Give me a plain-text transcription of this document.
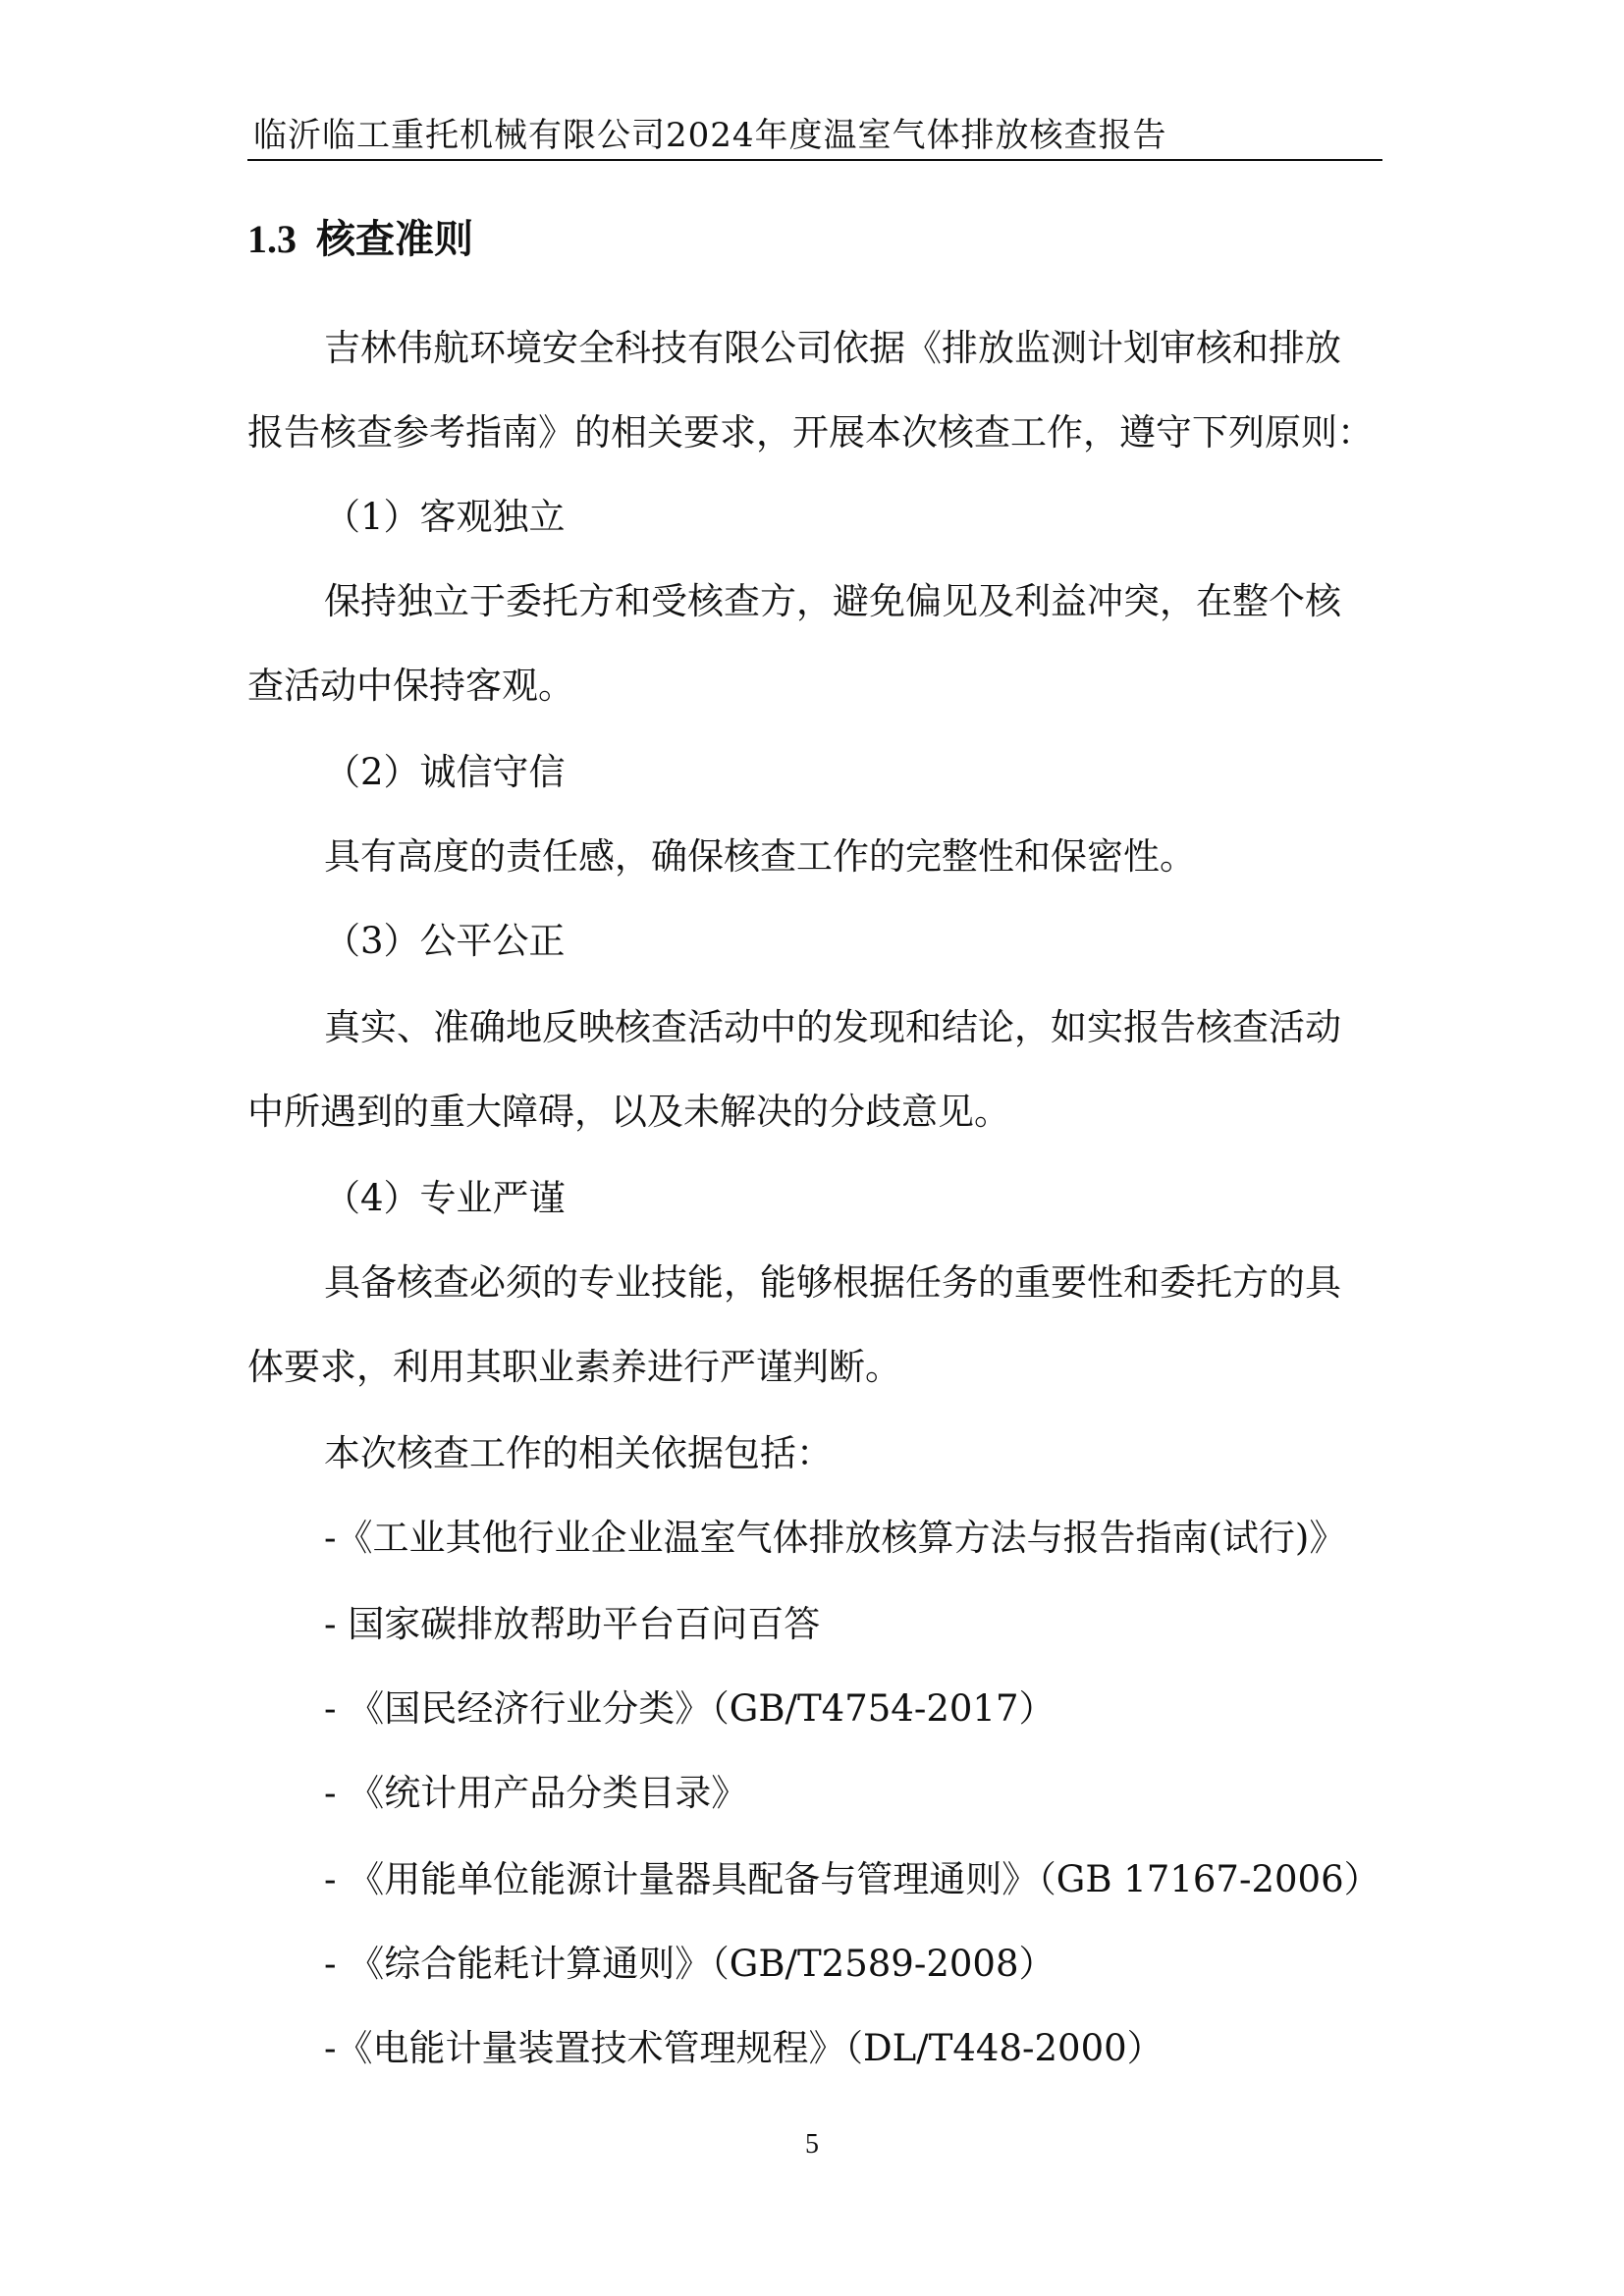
临沂临工重托机械有限公司2024年度温室气体排放核查报告
1.3 核查准则
吉林伟航环境安全科技有限公司依据《排放监测计划审核和排放
报告核查参考指南》的相关要求，开展本次核查工作，遵守下列原则：
（1）客观独立
保持独立于委托方和受核查方，避免偏见及利益冲突，在整个核
查活动中保持客观。
（2）诚信守信
具有高度的责任感，确保核查工作的完整性和保密性。
（3）公平公正
真实、准确地反映核查活动中的发现和结论，如实报告核查活动
中所遇到的重大障碍，以及未解决的分歧意见。
（4）专业严谨
具备核查必须的专业技能，能够根据任务的重要性和委托方的具
体要求，利用其职业素养进行严谨判断。
本次核查工作的相关依据包括：
-《工业其他行业企业温室气体排放核算方法与报告指南(试行)》
- 国家碳排放帮助平台百问百答
- 《国民经济行业分类》（GB/T4754-2017）
- 《统计用产品分类目录》
- 《用能单位能源计量器具配备与管理通则》（GB 17167-2006）
- 《综合能耗计算通则》（GB/T2589-2008）
-《电能计量装置技术管理规程》（DL/T448-2000）
5
